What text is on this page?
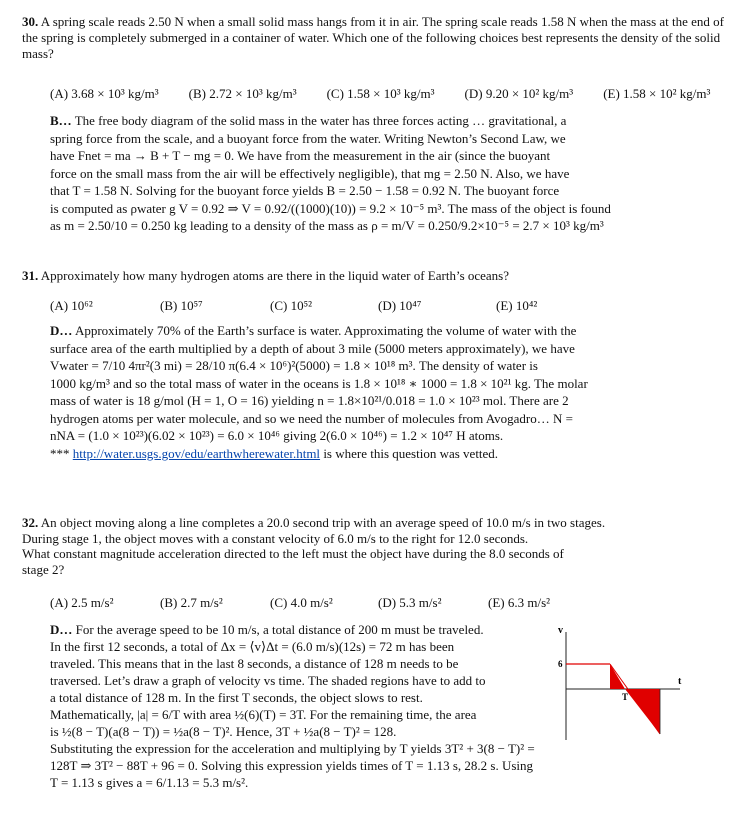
30. A spring scale reads 2.50 N when a small solid mass hangs from it in air. The spring scale reads 1.58 N when the mass at the end of the spring is completely submerged in a container of water. Which one of the following choices best represents the density of the solid mass?
(A) 3.68 × 10³ kg/m³ (B) 2.72 × 10³ kg/m³ (C) 1.58 × 10³ kg/m³ (D) 9.20 × 10² kg/m³ (E) 1.58 × 10² kg/m³
B… The free body diagram of the solid mass in the water has three forces acting … gravitational, a
spring force from the scale, and a buoyant force from the water. Writing Newton’s Second Law, we
have Fnet = ma → B + T − mg = 0. We have from the measurement in the air (since the buoyant
force on the small mass from the air will be effectively negligible), that mg = 2.50 N. Also, we have
that T = 1.58 N. Solving for the buoyant force yields B = 2.50 − 1.58 = 0.92 N. The buoyant force
is computed as ρwater g V = 0.92 ⇒ V = 0.92/((1000)(10)) = 9.2 × 10⁻⁵ m³. The mass of the object is found
as m = 2.50/10 = 0.250 kg leading to a density of the mass as ρ = m/V = 0.250/9.2×10⁻⁵ = 2.7 × 10³ kg/m³
31. Approximately how many hydrogen atoms are there in the liquid water of Earth’s oceans?
(A) 10⁶²	(B) 10⁵⁷	(C) 10⁵²	(D) 10⁴⁷	(E) 10⁴²
D… Approximately 70% of the Earth’s surface is water. Approximating the volume of water with the
surface area of the earth multiplied by a depth of about 3 mile (5000 meters approximately), we have
Vwater = 7/10 4πr²(3 mi) = 28/10 π(6.4 × 10⁶)²(5000) = 1.8 × 10¹⁸ m³. The density of water is
1000 kg/m³ and so the total mass of water in the oceans is 1.8 × 10¹⁸ ∗ 1000 = 1.8 × 10²¹ kg. The molar
mass of water is 18 g/mol (H = 1, O = 16) yielding n = 1.8×10²¹/0.018 = 1.0 × 10²³ mol. There are 2
hydrogen atoms per water molecule, and so we need the number of molecules from Avogadro… N =
nNA = (1.0 × 10²³)(6.02 × 10²³) = 6.0 × 10⁴⁶ giving 2(6.0 × 10⁴⁶) = 1.2 × 10⁴⁷ H atoms.
*** http://water.usgs.gov/edu/earthwherewater.html is where this question was vetted.
32. An object moving along a line completes a 20.0 second trip with an average speed of 10.0 m/s in two stages.
During stage 1, the object moves with a constant velocity of 6.0 m/s to the right for 12.0 seconds.
What constant magnitude acceleration directed to the left must the object have during the 8.0 seconds of
stage 2?
(A) 2.5 m/s²	(B) 2.7 m/s²	(C) 4.0 m/s²	(D) 5.3 m/s²	(E) 6.3 m/s²
D… For the average speed to be 10 m/s, a total distance of 200 m must be traveled.
In the first 12 seconds, a total of Δx = ⟨v⟩Δt = (6.0 m/s)(12s) = 72 m has been
traveled. This means that in the last 8 seconds, a distance of 128 m needs to be
traversed. Let’s draw a graph of velocity vs time. The shaded regions have to add to
a total distance of 128 m. In the first T seconds, the object slows to rest.
Mathematically, |a| = 6/T with area ½(6)(T) = 3T. For the remaining time, the area
is ½(8 − T)(a(8 − T)) = ½a(8 − T)². Hence, 3T + ½a(8 − T)² = 128.
Substituting the expression for the acceleration and multiplying by T yields 3T² + 3(8 − T)² =
128T ⇒ 3T² − 88T + 96 = 0. Solving this expression yields times of T = 1.13 s, 28.2 s. Using
T = 1.13 s gives a = 6/1.13 = 5.3 m/s².
v
t
6
T
